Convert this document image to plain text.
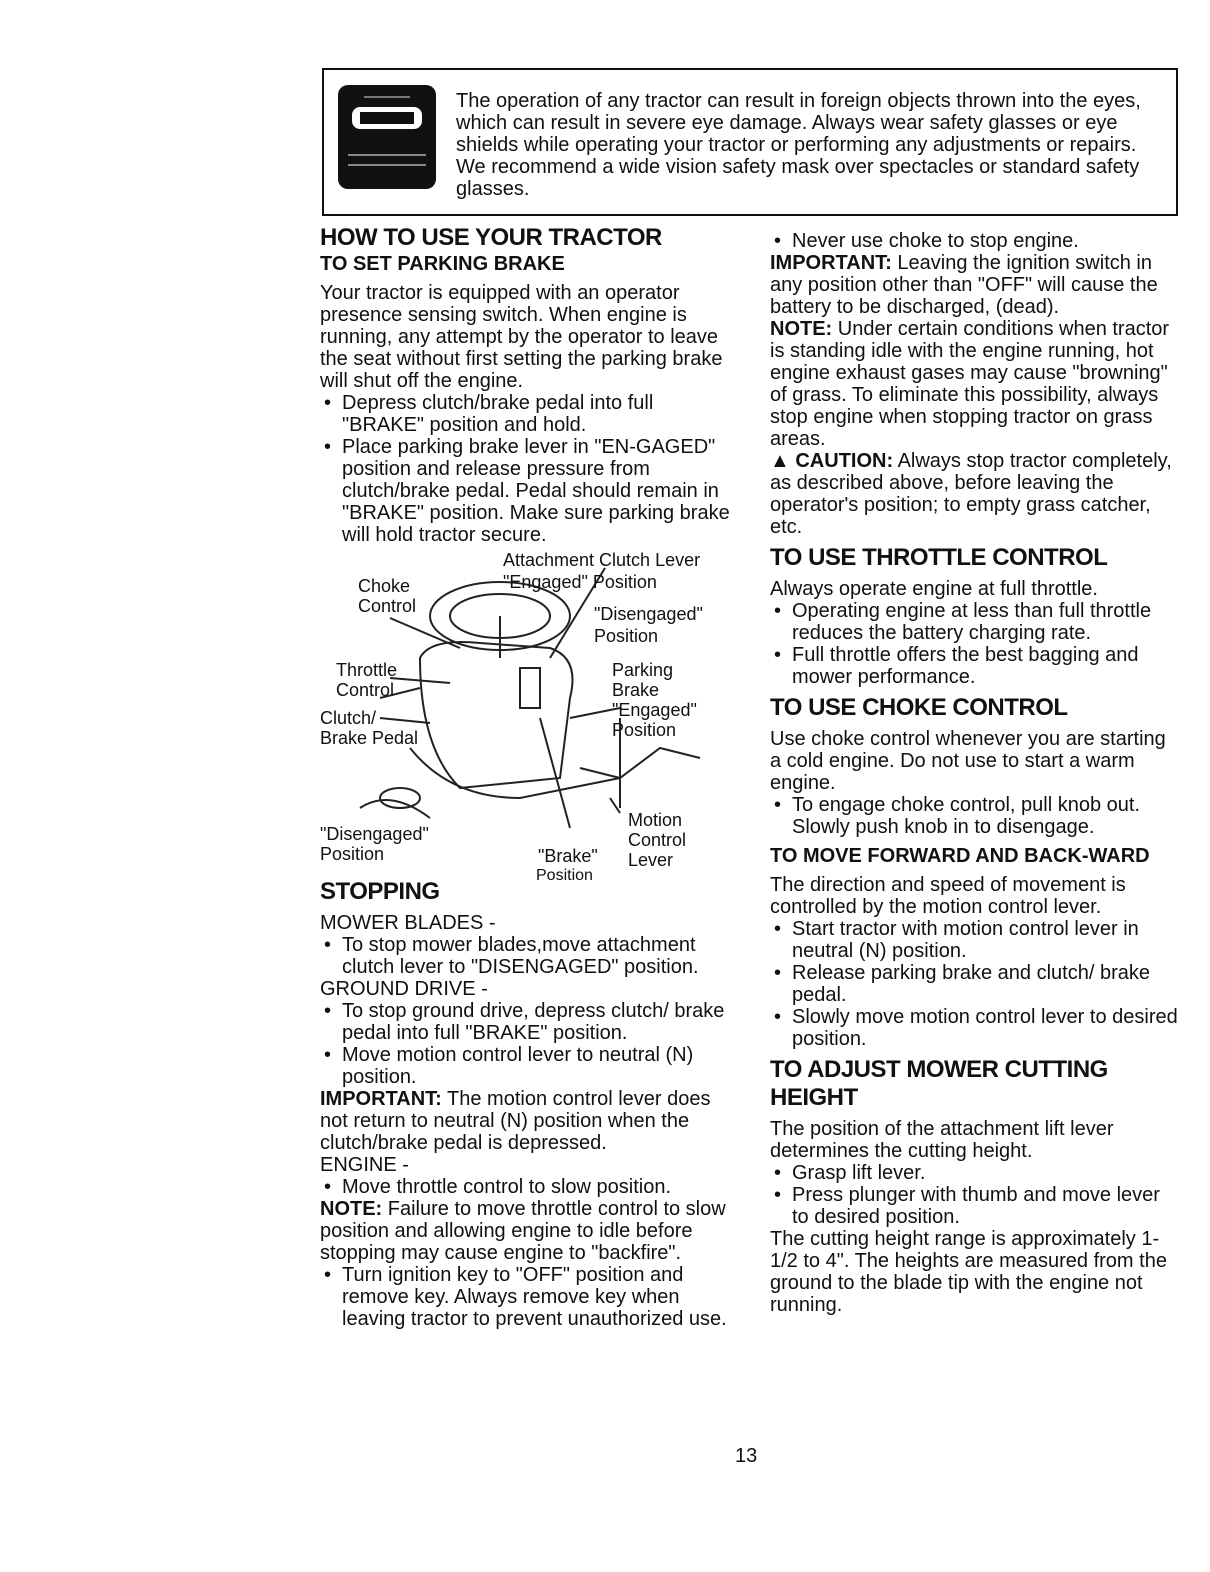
The operation of any tractor can result in foreign objects thrown into the eyes, which can result in severe eye damage. Always wear safety glasses or eye shields while operating your tractor or performing any adjustments or repairs. We recommend a wide vision safety mask over spectacles or standard safety glasses.
HOW TO USE YOUR TRACTOR
TO SET PARKING BRAKE

Your tractor is equipped with an operator presence sensing switch. When engine is running, any attempt by the operator to leave the seat without first setting the parking brake will shut off the engine.

• Depress clutch/brake pedal into full "BRAKE" position and hold.
• Place parking brake lever in "EN-GAGED" position and release pressure from clutch/brake pedal. Pedal should remain in "BRAKE" position. Make sure parking brake will hold tractor secure.
Attachment Clutch Lever
"Engaged" Position
Choke
Control	"Disengaged"
Position
Throttle
Control
Parking
Brake
"Engaged"
Position
Clutch/
Brake Pedal
Motion
Control
Lever
"Disengaged"
Position	"Brake"
Position
STOPPING

MOWER BLADES -

• To stop mower blades,move attachment clutch lever to "DISENGAGED" position.

GROUND DRIVE -

• To stop ground drive, depress clutch/ brake pedal into full "BRAKE" position.
• Move motion control lever to neutral (N) position.

IMPORTANT: The motion control lever does not return to neutral (N) position when the clutch/brake pedal is depressed.

ENGINE -

• Move throttle control to slow position.

NOTE: Failure to move throttle control to slow position and allowing engine to idle before stopping may cause engine to "backfire".

• Turn ignition key to "OFF" position and remove key. Always remove key when leaving tractor to prevent unauthorized use.
• Never use choke to stop engine.

IMPORTANT: Leaving the ignition switch in any position other than "OFF" will cause the battery to be discharged, (dead).

NOTE: Under certain conditions when tractor is standing idle with the engine running, hot engine exhaust gases may cause "browning" of grass. To eliminate this possibility, always stop engine when stopping tractor on grass areas.

▲ CAUTION: Always stop tractor completely, as described above, before leaving the operator's position; to empty grass catcher, etc.

TO USE THROTTLE CONTROL

Always operate engine at full throttle.

• Operating engine at less than full throttle reduces the battery charging rate.
• Full throttle offers the best bagging and mower performance.
TO USE CHOKE CONTROL

Use choke control whenever you are starting a cold engine. Do not use to start a warm engine.

• To engage choke control, pull knob out. Slowly push knob in to disengage.
TO MOVE FORWARD AND BACK-WARD

The direction and speed of movement is controlled by the motion control lever.

• Start tractor with motion control lever in neutral (N) position.
• Release parking brake and clutch/ brake pedal.
• Slowly move motion control lever to desired position.
TO ADJUST MOWER CUTTING HEIGHT

The position of the attachment lift lever determines the cutting height.

• Grasp lift lever.
• Press plunger with thumb and move lever to desired position.

The cutting height range is approximately 1-1/2 to 4". The heights are measured from the ground to the blade tip with the engine not running.

13
